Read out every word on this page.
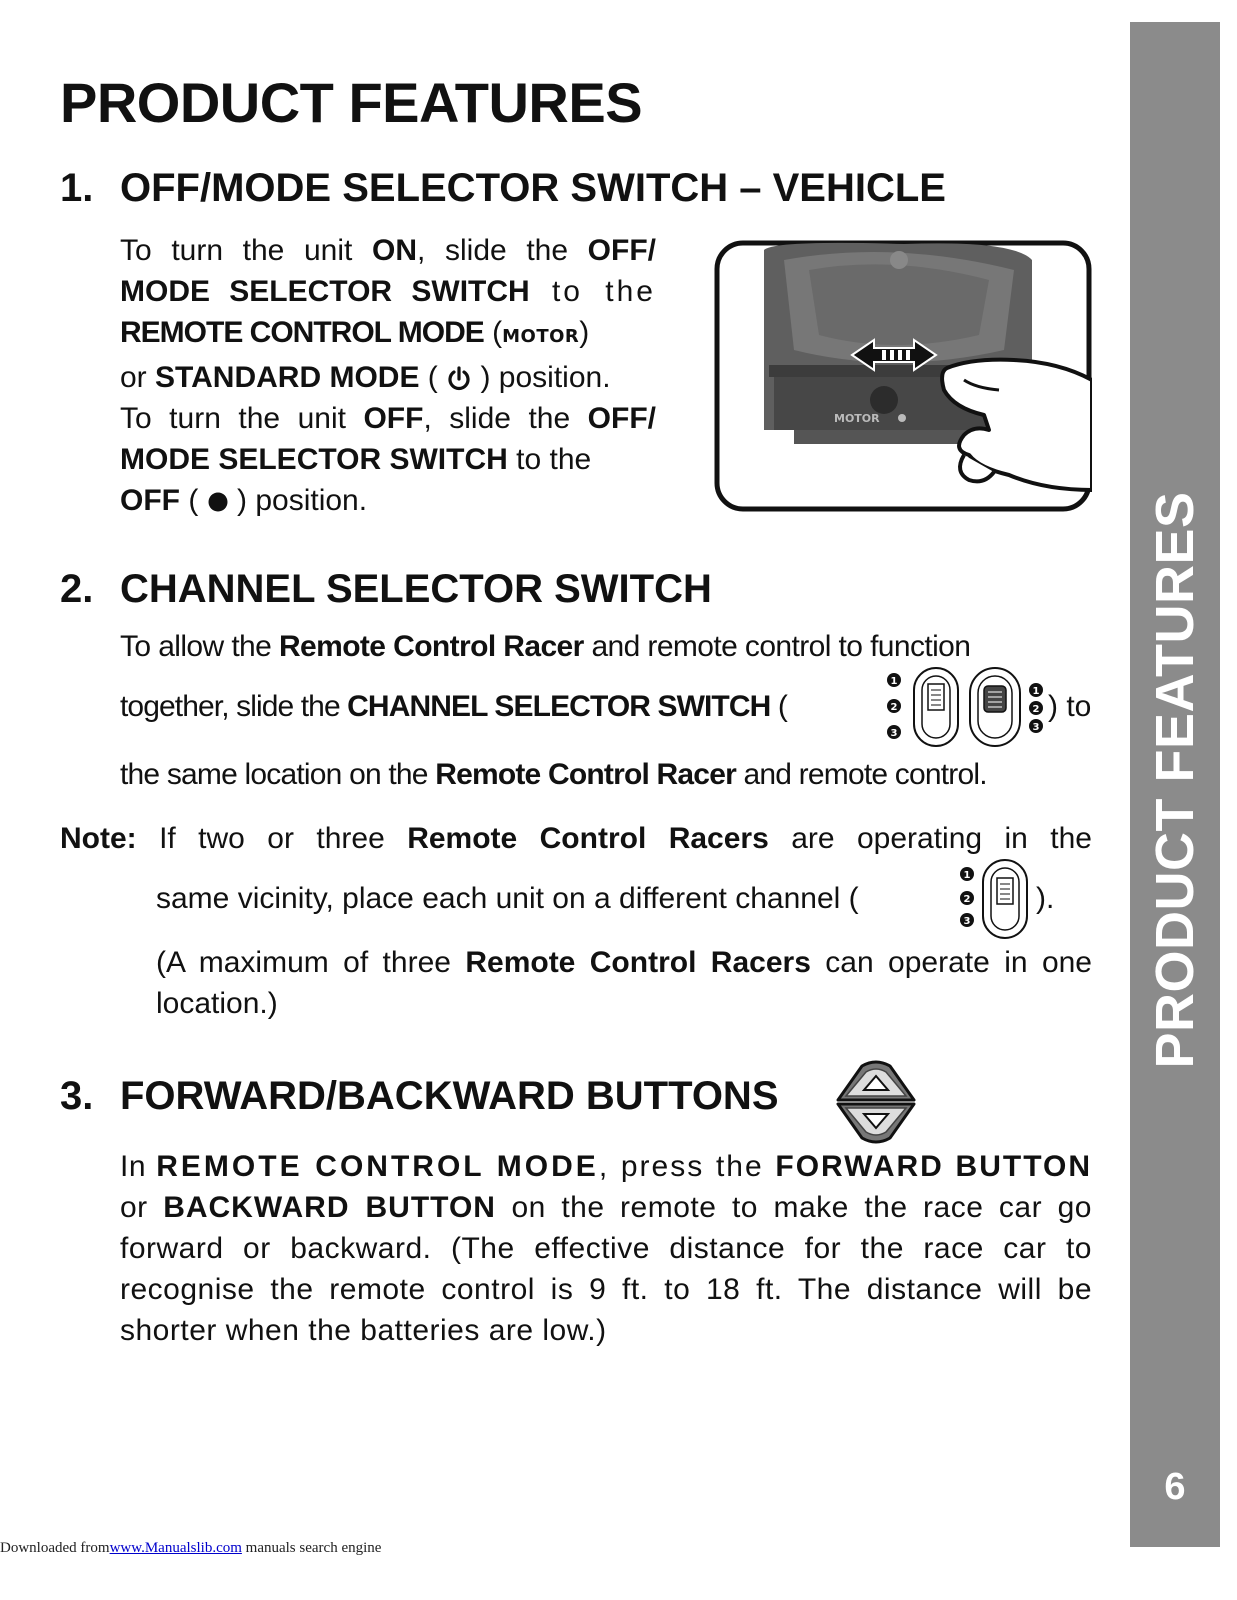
PRODUCT FEATURES
6
PRODUCT FEATURES
1. OFF/MODE SELECTOR SWITCH – VEHICLE
To turn the unit ON, slide the OFF/
MODE SELECTOR SWITCH to the
REMOTE CONTROL MODE (MOTOR)
or STANDARD MODE (  ) position.
To turn the unit OFF, slide the OFF/
MODE SELECTOR SWITCH to the
OFF (  ) position.
MOTOR
2. CHANNEL SELECTOR SWITCH
To allow the Remote Control Racer and remote control to function
together, slide the CHANNEL SELECTOR SWITCH (
1
2
3
1
2
3
) to
the same location on the Remote Control Racer and remote control.
Note: If two or three Remote Control Racers are operating in the
same vicinity, place each unit on a different channel (
1
2
3
).
(A maximum of three Remote Control Racers can operate in one location.)
3. FORWARD/BACKWARD BUTTONS
In REMOTE CONTROL MODE, press the FORWARD BUTTON or BACKWARD BUTTON on the remote to make the race car go forward or backward. (The effective distance for the race car to recognise the remote control is 9 ft. to 18 ft. The distance will be shorter when the batteries are low.)
Downloaded fromwww.Manualslib.com manuals search engine
